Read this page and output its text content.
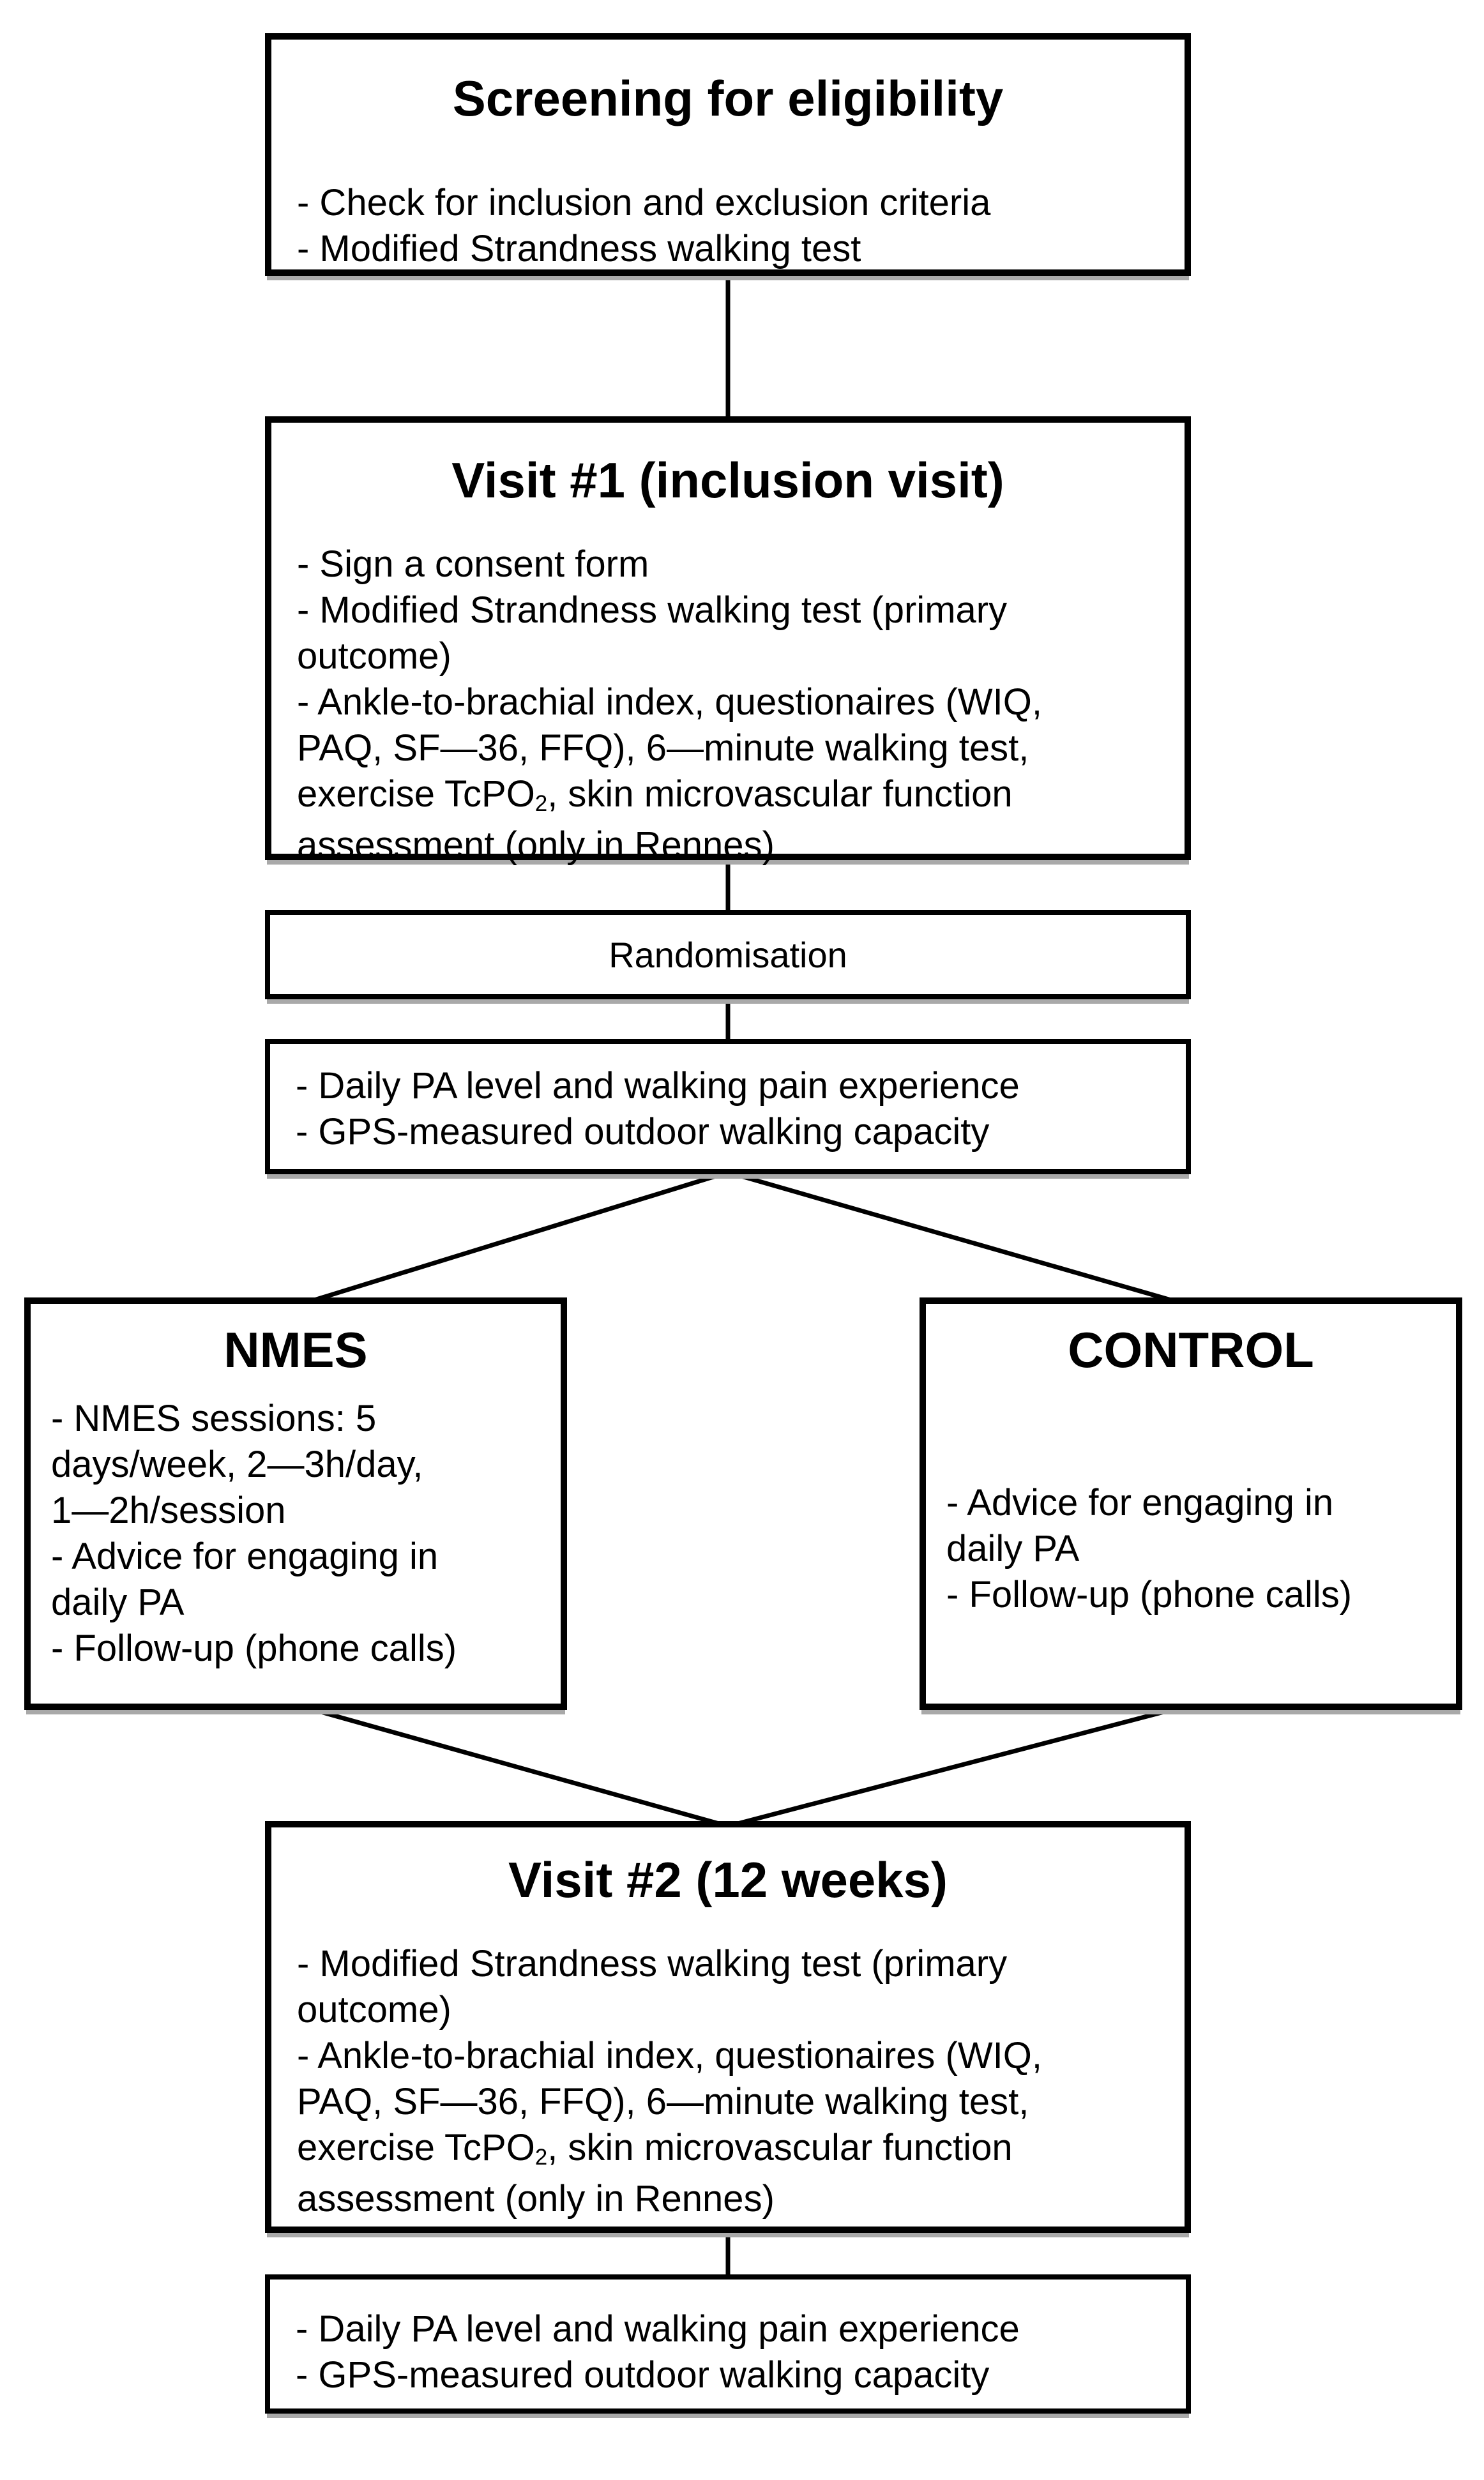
Screening for eligibility
- Check for inclusion and exclusion criteria
- Modified Strandness walking test
Visit #1 (inclusion visit)
- Sign a consent form
- Modified Strandness walking test (primary
outcome)
- Ankle-to-brachial index, questionaires (WIQ,
PAQ, SF—36, FFQ), 6—minute walking test,
exercise TcPO2, skin microvascular function
assessment (only in Rennes)
Randomisation
- Daily PA level and walking pain experience
- GPS-measured outdoor walking capacity
NMES
- NMES sessions: 5
days/week, 2—3h/day,
1—2h/session
- Advice for engaging in
daily PA
- Follow-up (phone calls)
CONTROL
- Advice for engaging in
daily PA
- Follow-up (phone calls)
Visit #2 (12 weeks)
- Modified Strandness walking test (primary
outcome)
- Ankle-to-brachial index, questionaires (WIQ,
PAQ, SF—36, FFQ), 6—minute walking test,
exercise TcPO2, skin microvascular function
assessment (only in Rennes)
- Daily PA level and walking pain experience
- GPS-measured outdoor walking capacity
